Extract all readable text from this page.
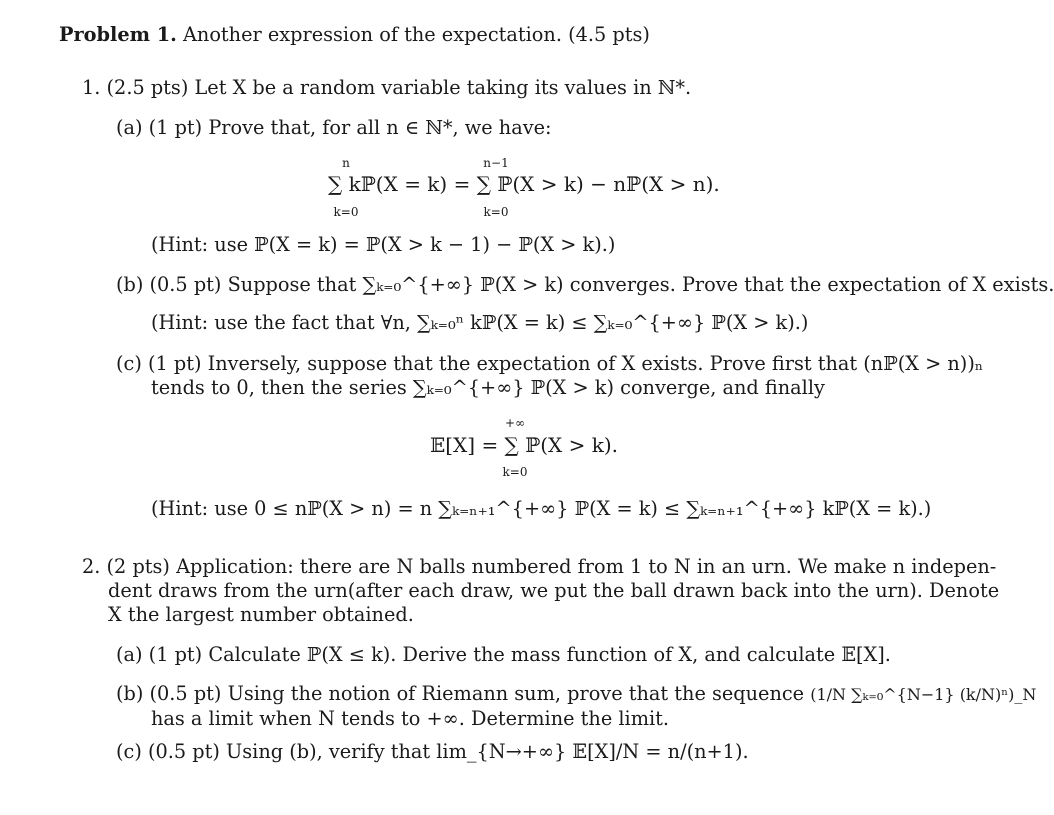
Problem 1. Another expression of the expectation. (4.5 pts)
1. (2.5 pts) Let X be a random variable taking its values in ℕ*.
(a) (1 pt) Prove that, for all n ∈ ℕ*, we have:
n	n−1
∑ kℙ(X = k) = ∑ ℙ(X > k) − nℙ(X > n).
k=0	k=0
(Hint: use ℙ(X = k) = ℙ(X > k − 1) − ℙ(X > k).)
(b) (0.5 pt) Suppose that ∑ₖ₌₀^{+∞} ℙ(X > k) converges. Prove that the expectation of X exists.
(Hint: use the fact that ∀n, ∑ₖ₌₀ⁿ kℙ(X = k) ≤ ∑ₖ₌₀^{+∞} ℙ(X > k).)
(c) (1 pt) Inversely, suppose that the expectation of X exists. Prove first that (nℙ(X > n))ₙ
tends to 0, then the series ∑ₖ₌₀^{+∞} ℙ(X > k) converge, and finally
+∞
𝔼[X] = ∑ ℙ(X > k).
k=0
(Hint: use 0 ≤ nℙ(X > n) = n ∑ₖ₌ₙ₊₁^{+∞} ℙ(X = k) ≤ ∑ₖ₌ₙ₊₁^{+∞} kℙ(X = k).)
2. (2 pts) Application: there are N balls numbered from 1 to N in an urn. We make n indepen-
dent draws from the urn(after each draw, we put the ball drawn back into the urn). Denote
X the largest number obtained.
(a) (1 pt) Calculate ℙ(X ≤ k). Derive the mass function of X, and calculate 𝔼[X].
(b) (0.5 pt) Using the notion of Riemann sum, prove that the sequence (1/N ∑ₖ₌₀^{N−1} (k/N)ⁿ)_N
has a limit when N tends to +∞. Determine the limit.
(c) (0.5 pt) Using (b), verify that lim_{N→+∞} 𝔼[X]/N = n/(n+1).
